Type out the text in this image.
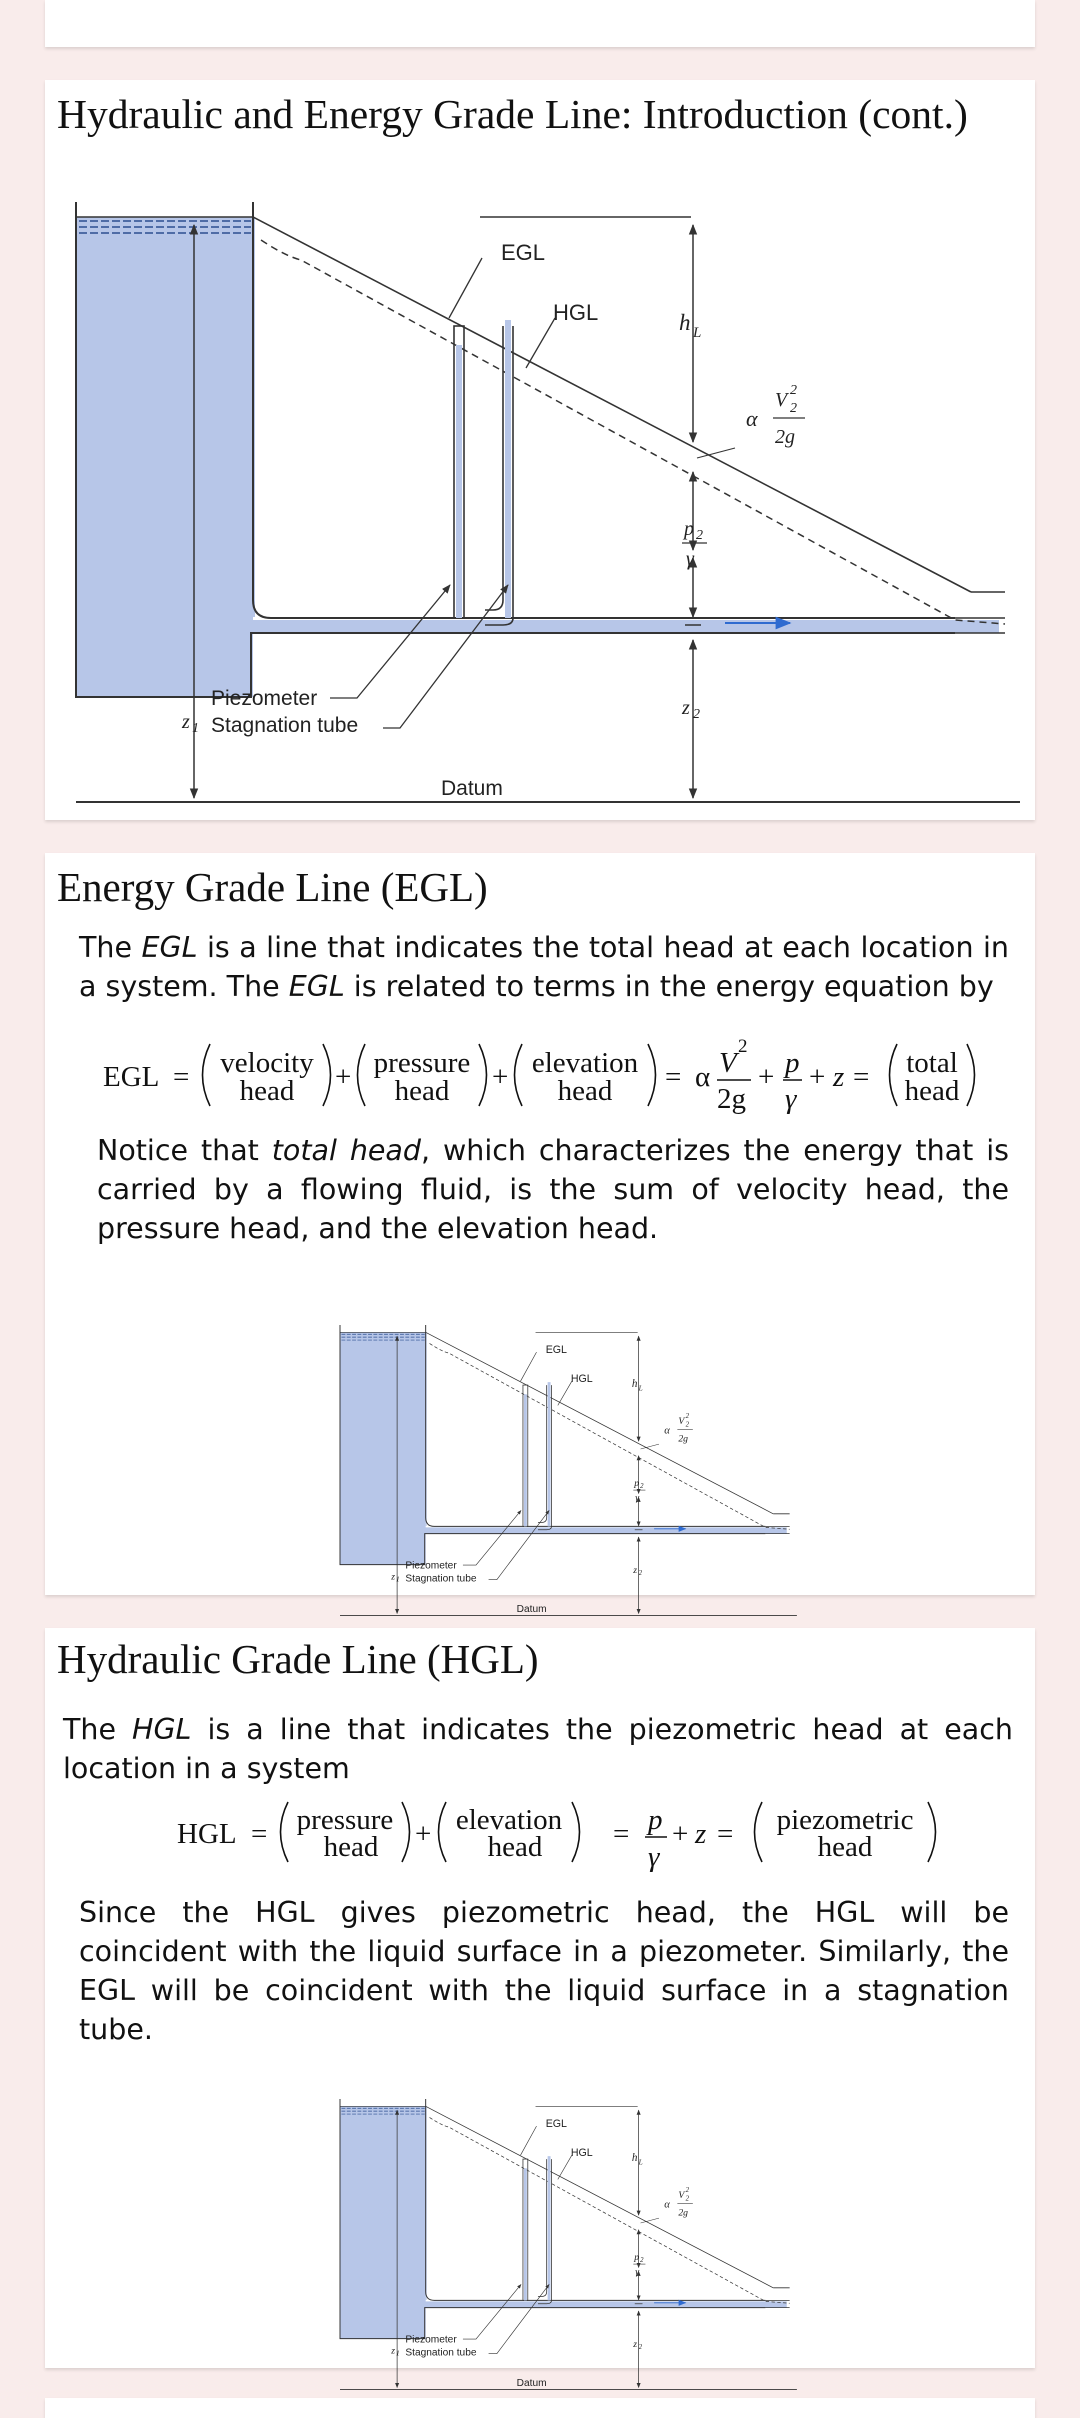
Hydraulic and Energy Grade Line: Introduction (cont.)
EGL
HGL	h L
α
V 2
2
2g
p 2
γ
z 2
z 1
Piezometer
Stagnation tube
Datum
Energy Grade Line (EGL)

The EGL is a line that indicates the total head at each location in a system. The EGL is related to terms in the energy equation by

EGL = velocity
head + pressure
head + elevation
head = α V
2
2g
+ p
γ
+ z = total
head

Notice that total head, which characterizes the energy that is carried by a flowing fluid, is the sum of velocity head, the pressure head, and the elevation head.

EGL
HGL h L
α
V 2
2
2g
p 2
γ
z 2
z 1
Piezometer
Stagnation tube
Datum
Hydraulic Grade Line (HGL)

The HGL is a line that indicates the piezometric head at each location in a system

HGL = pressure
head + elevation
head = p
γ
+ z = piezometric
head

Since the HGL gives piezometric head, the HGL will be coincident with the liquid surface in a piezometer. Similarly, the EGL will be coincident with the liquid surface in a stagnation tube.

EGL
HGL h L
α
V 2
2
2g
p 2
γ
z 2
z 1
Piezometer
Stagnation tube
Datum
